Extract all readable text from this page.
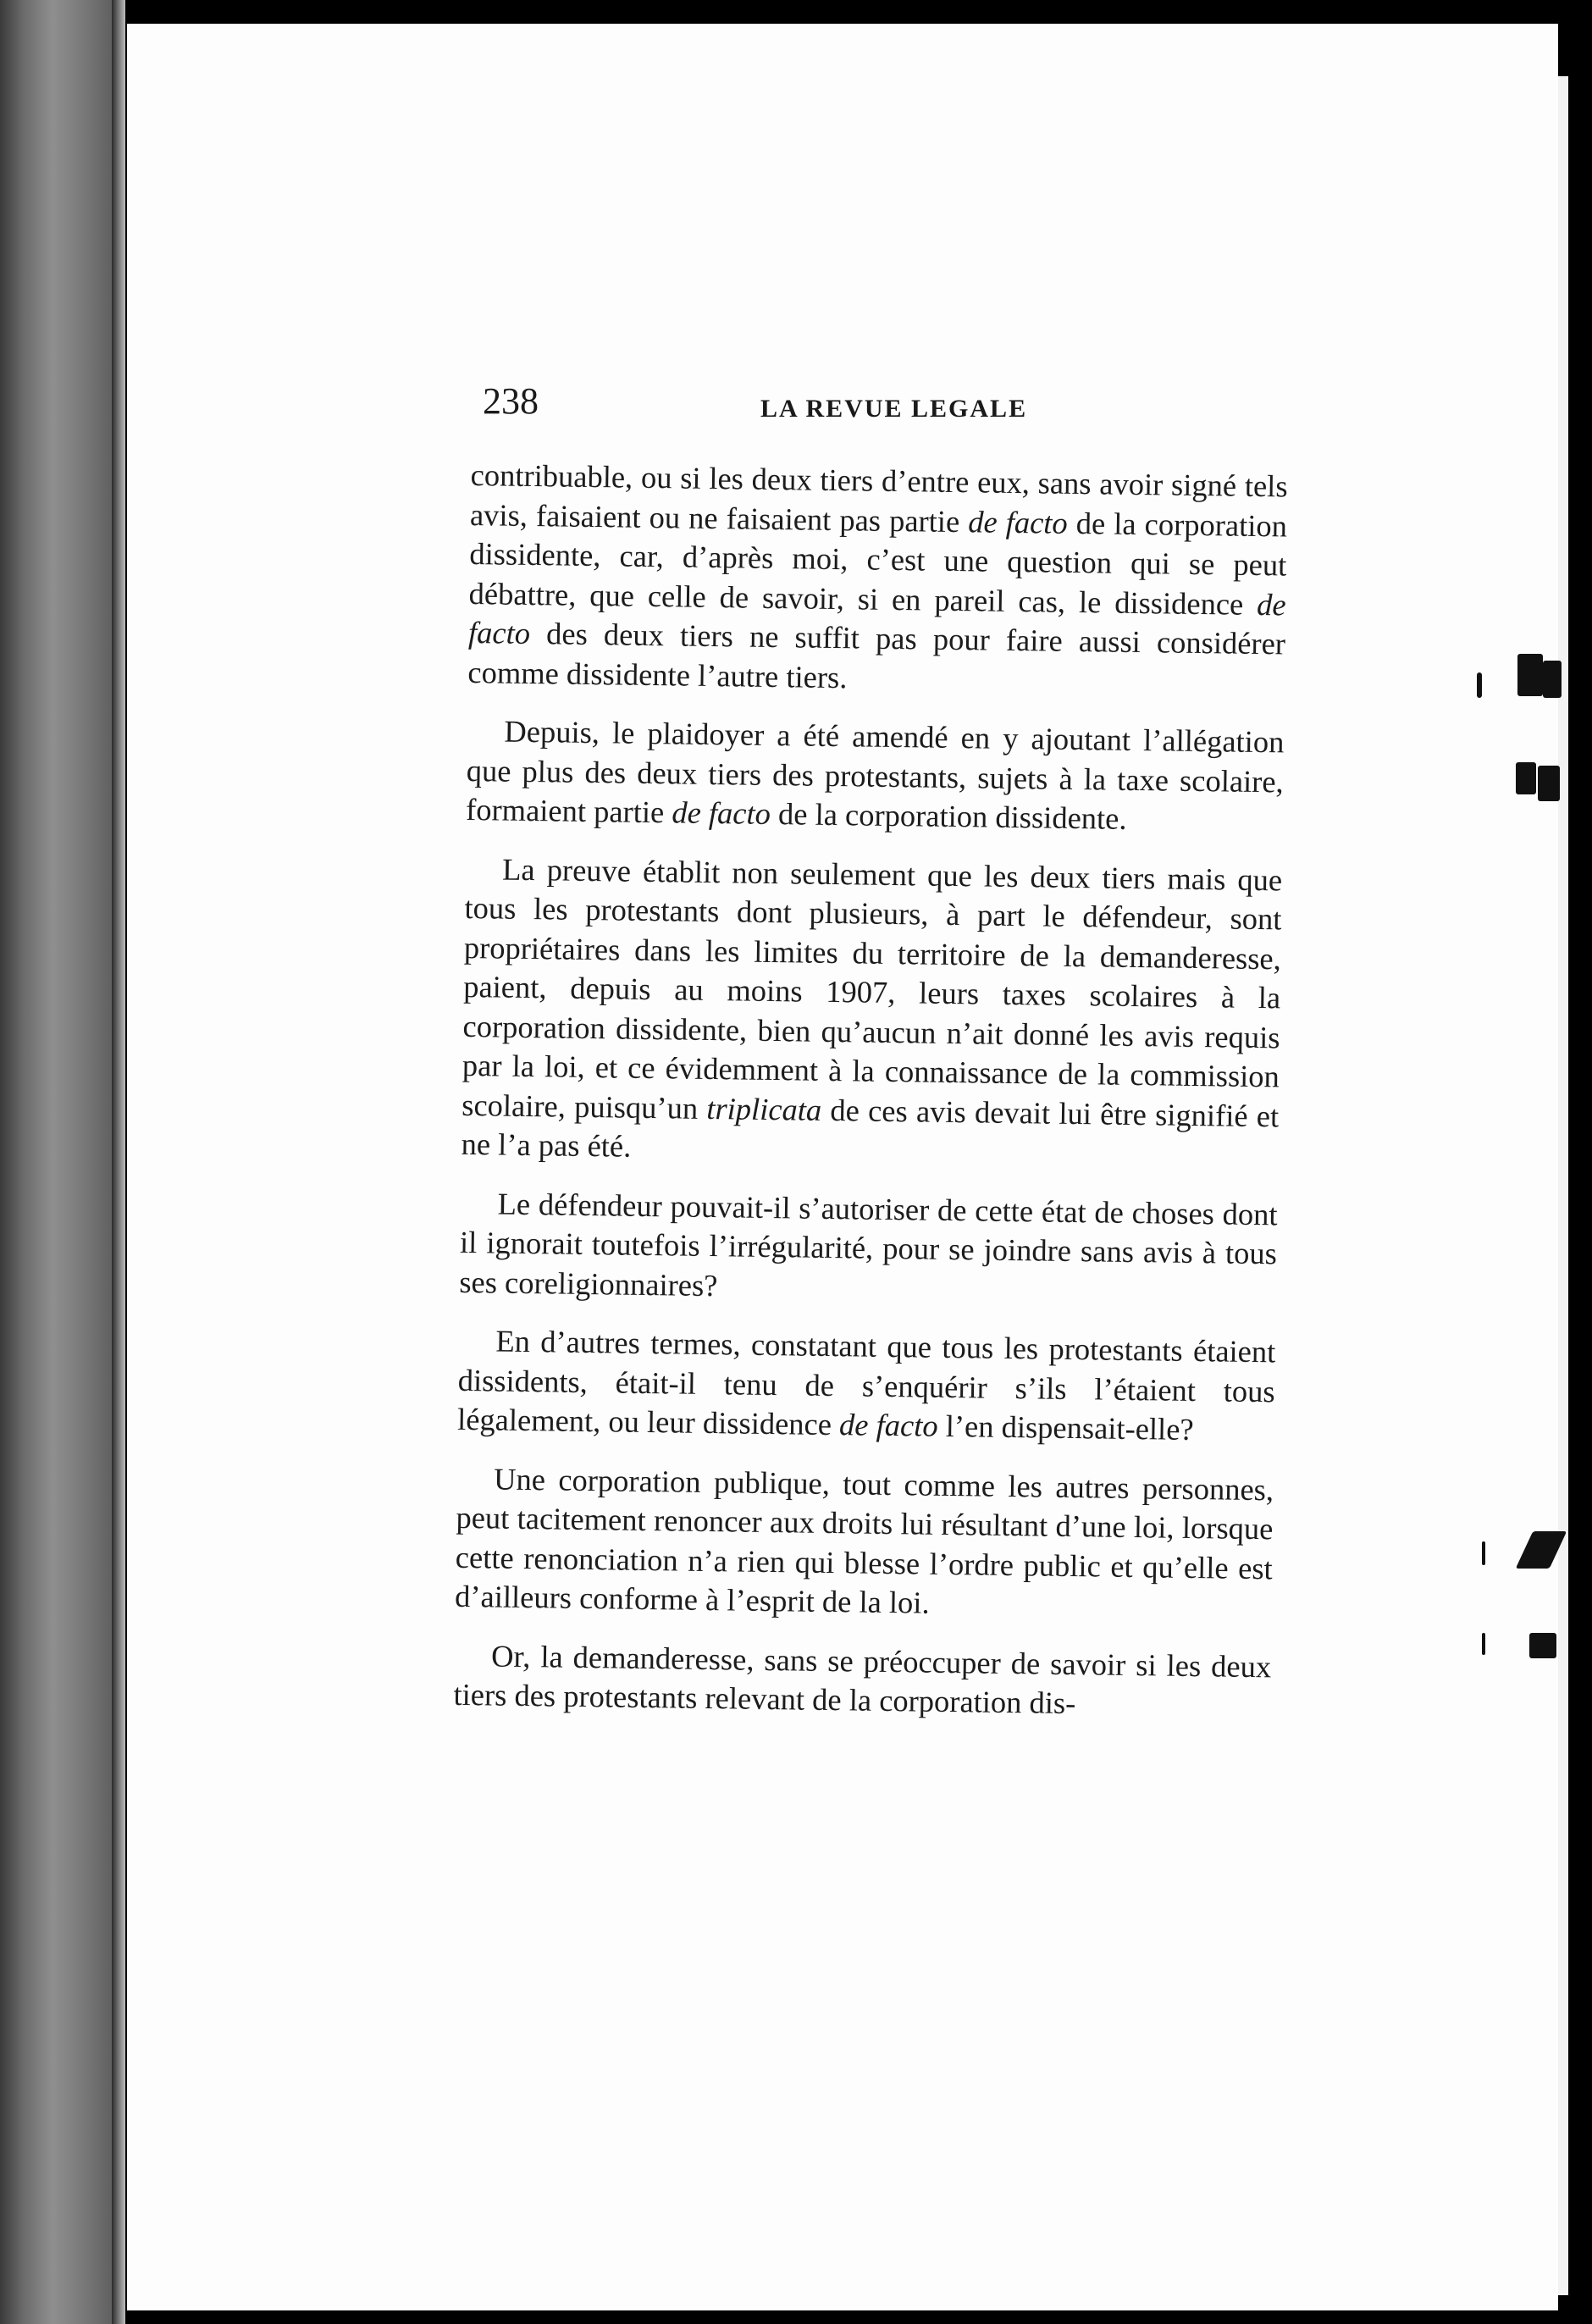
238	LA REVUE LEGALE

contribuable, ou si les deux tiers d’entre eux, sans avoir signé tels avis, faisaient ou ne faisaient pas partie de facto de la corporation dissidente, car, d’après moi, c’est une question qui se peut débattre, que celle de savoir, si en pareil cas, le dissidence de facto des deux tiers ne suffit pas pour faire aussi considérer comme dissidente l’autre tiers.

Depuis, le plaidoyer a été amendé en y ajoutant l’allégation que plus des deux tiers des protestants, sujets à la taxe scolaire, formaient partie de facto de la corporation dissidente.

La preuve établit non seulement que les deux tiers mais que tous les protestants dont plusieurs, à part le défendeur, sont propriétaires dans les limites du territoire de la demanderesse, paient, depuis au moins 1907, leurs taxes scolaires à la corporation dissidente, bien qu’aucun n’ait donné les avis requis par la loi, et ce évidemment à la connaissance de la commission scolaire, puisqu’un triplicata de ces avis devait lui être signifié et ne l’a pas été.

Le défendeur pouvait-il s’autoriser de cette état de choses dont il ignorait toutefois l’irrégularité, pour se joindre sans avis à tous ses coreligionnaires?

En d’autres termes, constatant que tous les protestants étaient dissidents, était-il tenu de s’enquérir s’ils l’étaient tous légalement, ou leur dissidence de facto l’en dispensait-elle?

Une corporation publique, tout comme les autres personnes, peut tacitement renoncer aux droits lui résultant d’une loi, lorsque cette renonciation n’a rien qui blesse l’ordre public et qu’elle est d’ailleurs conforme à l’esprit de la loi.

Or, la demanderesse, sans se préoccuper de savoir si les deux tiers des protestants relevant de la corporation dis-
